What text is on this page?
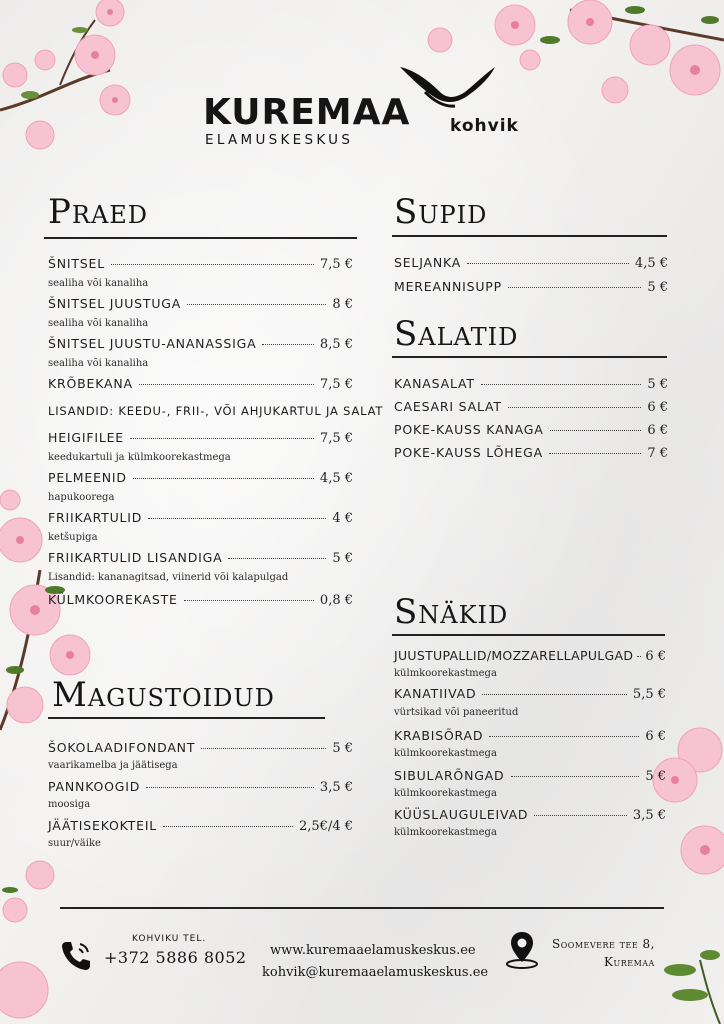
KUREMAA
ELAMUSKESKUS
kohvik
Praed
ŠNITSEL	7,5 €
sealiha või kanaliha
ŠNITSEL JUUSTUGA	8 €
sealiha või kanaliha
ŠNITSEL JUUSTU-ANANASSIGA	8,5 €
sealiha või kanaliha
KRÕBEKANA	7,5 €
LISANDID: KEEDU-, FRII-, VÕI AHJUKARTUL JA SALAT
HEIGIFILEE	7,5 €
keedukartuli ja külmkoorekastmega
PELMEENID	4,5 €
hapukoorega
FRIIKARTULID	4 €
ketšupiga
FRIIKARTULID LISANDIGA	5 €
Lisandid: kananagitsad, viinerid või kalapulgad
KÜLMKOOREKASTE	0,8 €
Supid
SELJANKA	4,5 €
MEREANNISUPP	5 €
Salatid
KANASALAT	5 €
CAESARI SALAT	6 €
POKE-KAUSS KANAGA	6 €
POKE-KAUSS LÕHEGA	7 €
Snäkid
JUUSTUPALLID/MOZZARELLAPULGAD 6 €
külmkoorekastmega
KANATIIVAD	5,5 €
vürtsikad või paneeritud
KRABISÕRAD	6 €
külmkoorekastmega
SIBULARÕNGAD	5 €
külmkoorekastmega
KÜÜSLAUGULEIVAD	3,5 €
külmkoorekastmega
Magustoidud
ŠOKOLAADIFONDANT	5 €
vaarikamelba ja jäätisega
PANNKOOGID	3,5 €
moosiga
JÄÄTISEKOKTEIL	2,5€/4 €
suur/väike
KOHVIKU TEL.
+372 5886 8052 www.kuremaaelamuskeskus.ee
kohvik@kuremaaelamuskeskus.ee
Soomevere tee 8,
Kuremaa
